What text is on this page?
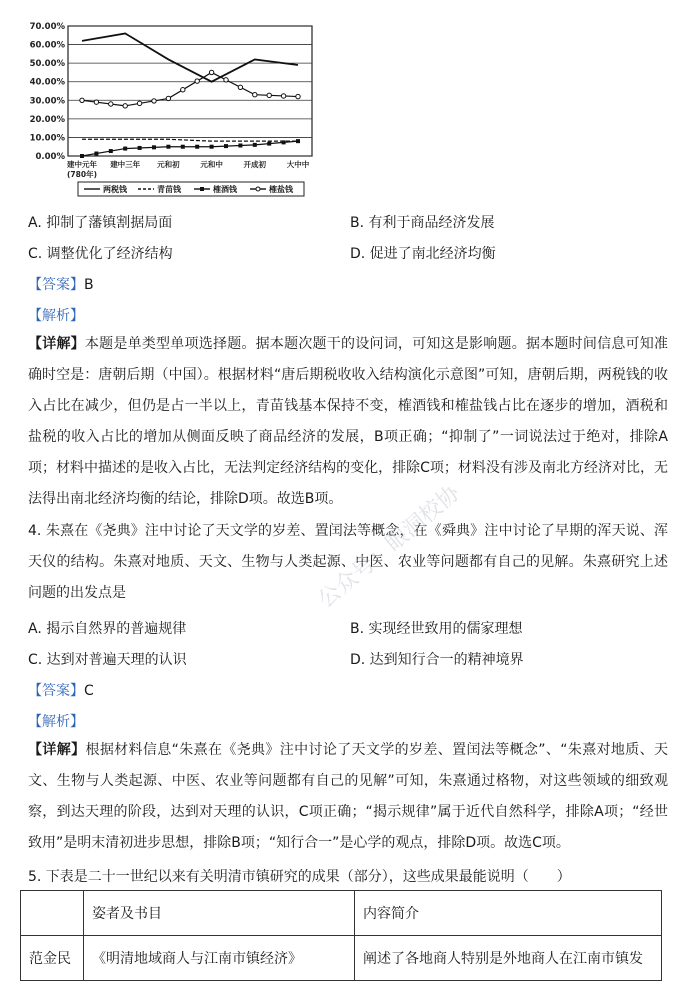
70.00%
60.00%
50.00%
40.00%
30.00%
20.00%
10.00%
0.00%
建中元年 建中三年 元和初	元和中	开成初	大中中
(780年)
两税钱	青苗钱	榷酒钱	榷盐钱
A. 抑制了藩镇割据局面	B. 有利于商品经济发展
C. 调整优化了经济结构	D. 促进了南北经济均衡
【答案】B
【解析】
【详解】本题是单类型单项选择题。据本题次题干的设问词，可知这是影响题。据本题时间信息可知准确时空是：唐朝后期（中国）。根据材料“唐后期税收收入结构演化示意图”可知，唐朝后期，两税钱的收入占比在减少，但仍是占一半以上，青苗钱基本保持不变，榷酒钱和榷盐钱占比在逐步的增加，酒税和盐税的收入占比的增加从侧面反映了商品经济的发展，B项正确；“抑制了”一词说法过于绝对，排除A项；材料中描述的是收入占比，无法判定经济结构的变化，排除C项；材料没有涉及南北方经济对比，无法得出南北经济均衡的结论，排除D项。故选B项。
4. 朱熹在《尧典》注中讨论了天文学的岁差、置闰法等概念，在《舜典》注中讨论了早期的浑天说、浑天仪的结构。朱熹对地质、天文、生物与人类起源、中医、农业等问题都有自己的见解。朱熹研究上述问题的出发点是
A. 揭示自然界的普遍规律	B. 实现经世致用的儒家理想
C. 达到对普遍天理的认识	D. 达到知行合一的精神境界
【答案】C
【解析】
【详解】根据材料信息“朱熹在《尧典》注中讨论了天文学的岁差、置闰法等概念”、“朱熹对地质、天文、生物与人类起源、中医、农业等问题都有自己的见解”可知，朱熹通过格物，对这些领域的细致观察，到达天理的阶段，达到对天理的认识，C项正确；“揭示规律”属于近代自然科学，排除A项；“经世致用”是明末清初进步思想，排除B项；“知行合一”是心学的观点，排除D项。故选C项。
5. 下表是二十一世纪以来有关明清市镇研究的成果（部分），这些成果最能说明（　　）
	姿者及书目	内容简介
范金民	《明清地域商人与江南市镇经济》	阐述了各地商人特别是外地商人在江南市镇发
公众号：眼洞校协
